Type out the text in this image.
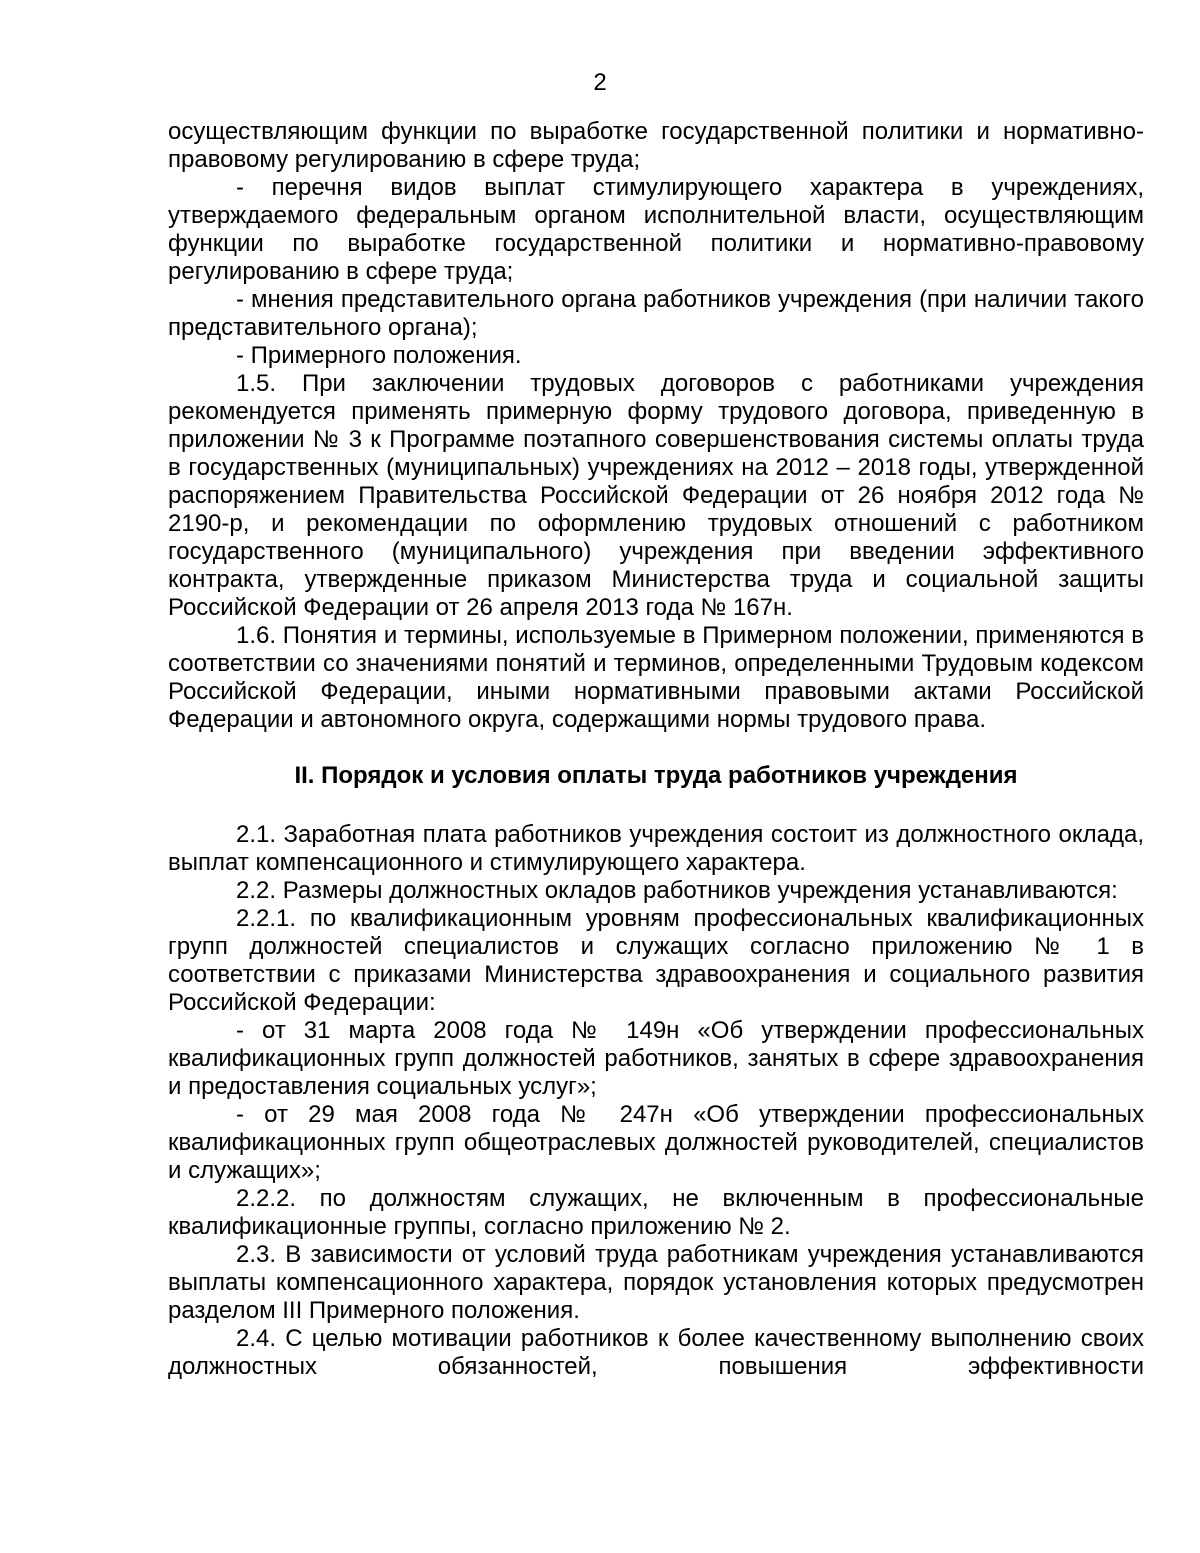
2

осуществляющим функции по выработке государственной политики и нормативно-правовому регулированию в сфере труда;

- перечня видов выплат стимулирующего характера в учреждениях, утверждаемого федеральным органом исполнительной власти, осуществляющим функции по выработке государственной политики и нормативно-правовому регулированию в сфере труда;

- мнения представительного органа работников учреждения (при наличии такого представительного органа);

- Примерного положения.

1.5. При заключении трудовых договоров с работниками учреждения рекомендуется применять примерную форму трудового договора, приведенную в приложении № 3 к Программе поэтапного совершенствования системы оплаты труда в государственных (муниципальных) учреждениях на 2012 – 2018 годы, утвержденной распоряжением Правительства Российской Федерации от 26 ноября 2012 года № 2190-р, и рекомендации по оформлению трудовых отношений с работником государственного (муниципального) учреждения при введении эффективного контракта, утвержденные приказом Министерства труда и социальной защиты Российской Федерации от 26 апреля 2013 года № 167н.

1.6. Понятия и термины, используемые в Примерном положении, применяются в соответствии со значениями понятий и терминов, определенными Трудовым кодексом Российской Федерации, иными нормативными правовыми актами Российской Федерации и автономного округа, содержащими нормы трудового права.

II. Порядок и условия оплаты труда работников учреждения

2.1. Заработная плата работников учреждения состоит из должностного оклада, выплат компенсационного и стимулирующего характера.

2.2. Размеры должностных окладов работников учреждения устанавливаются:

2.2.1. по квалификационным уровням профессиональных квалификационных групп должностей специалистов и служащих согласно приложению № 1 в соответствии с приказами Министерства здравоохранения и социального развития Российской Федерации:

- от 31 марта 2008 года № 149н «Об утверждении профессиональных квалификационных групп должностей работников, занятых в сфере здравоохранения и предоставления социальных услуг»;

- от 29 мая 2008 года № 247н «Об утверждении профессиональных квалификационных групп общеотраслевых должностей руководителей, специалистов и служащих»;

2.2.2. по должностям служащих, не включенным в профессиональные квалификационные группы, согласно приложению № 2.

2.3. В зависимости от условий труда работникам учреждения устанавливаются выплаты компенсационного характера, порядок установления которых предусмотрен разделом III Примерного положения.

2.4. С целью мотивации работников к более качественному выполнению своих должностных обязанностей, повышения эффективности
